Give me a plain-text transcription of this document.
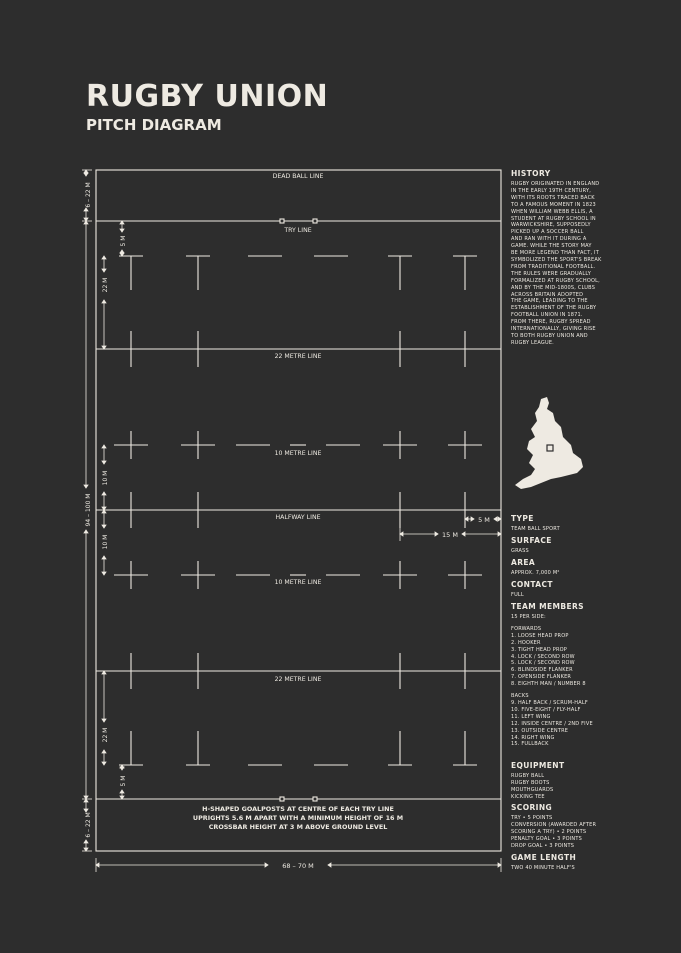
RUGBY UNION
PITCH DIAGRAM
DEAD BALL LINE
TRY LINE
22 METRE LINE
10 METRE LINE
HALFWAY LINE
10 METRE LINE
22 METRE LINE
H-SHAPED GOALPOSTS AT CENTRE OF EACH TRY LINE
UPRIGHTS 5.6 M APART WITH A MINIMUM HEIGHT OF 16 M
CROSSBAR HEIGHT AT 3 M ABOVE GROUND LEVEL
6 – 22 M
94 – 100 M
6 – 22 M
5 M
22 M
10 M
10 M
22 M
5 M
5 M
15 M
68 – 70 M
HISTORY

RUGBY ORIGINATED IN ENGLAND

IN THE EARLY 19TH CENTURY,

WITH ITS ROOTS TRACED BACK

TO A FAMOUS MOMENT IN 1823

WHEN WILLIAM WEBB ELLIS, A

STUDENT AT RUGBY SCHOOL IN

WARWICKSHIRE, SUPPOSEDLY

PICKED UP A SOCCER BALL

AND RAN WITH IT DURING A

GAME. WHILE THE STORY MAY

BE MORE LEGEND THAN FACT, IT

SYMBOLIZED THE SPORT'S BREAK

FROM TRADITIONAL FOOTBALL.

THE RULES WERE GRADUALLY

FORMALIZED AT RUGBY SCHOOL,

AND BY THE MID-1800S, CLUBS

ACROSS BRITAIN ADOPTED

THE GAME, LEADING TO THE

ESTABLISHMENT OF THE RUGBY

FOOTBALL UNION IN 1871.

FROM THERE, RUGBY SPREAD

INTERNATIONALLY, GIVING RISE

TO BOTH RUGBY UNION AND

RUGBY LEAGUE.

TYPE

TEAM BALL SPORT

SURFACE

GRASS

AREA

APPROX. 7,000 M²

CONTACT

FULL

TEAM MEMBERS

15 PER SIDE:

FORWARDS

1. LOOSE HEAD PROP
2. HOOKER
3. TIGHT HEAD PROP
4. LOCK / SECOND ROW
5. LOCK / SECOND ROW
6. BLINDSIDE FLANKER
7. OPENSIDE FLANKER
8. EIGHTH MAN / NUMBER 8

BACKS

9. HALF BACK / SCRUM-HALF
10. FIVE-EIGHT / FLY-HALF
11. LEFT WING
12. INSIDE CENTRE / 2ND FIVE
13. OUTSIDE CENTRE
14. RIGHT WING
15. FULLBACK
EQUIPMENT
RUGBY BALL
RUGBY BOOTS
MOUTHGUARDS
KICKING TEE
SCORING
TRY • 5 POINTS
CONVERSION (AWARDED AFTER
SCORING A TRY) • 2 POINTS
PENALTY GOAL • 3 POINTS
DROP GOAL • 3 POINTS
GAME LENGTH

TWO 40 MINUTE HALF'S
